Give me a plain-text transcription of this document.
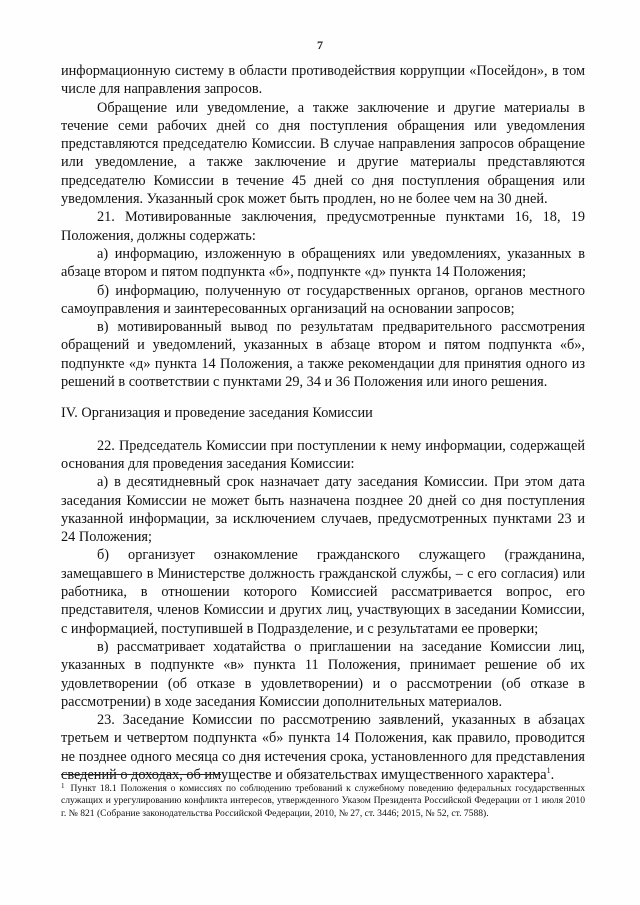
7

информационную систему в области противодействия коррупции «Посейдон», в том числе для направления запросов.

Обращение или уведомление, а также заключение и другие материалы в течение семи рабочих дней со дня поступления обращения или уведомления представляются председателю Комиссии. В случае направления запросов обращение или уведомление, а также заключение и другие материалы представляются председателю Комиссии в течение 45 дней со дня поступления обращения или уведомления. Указанный срок может быть продлен, но не более чем на 30 дней.

21. Мотивированные заключения, предусмотренные пунктами 16, 18, 19 Положения, должны содержать:

а) информацию, изложенную в обращениях или уведомлениях, указанных в абзаце втором и пятом подпункта «б», подпункте «д» пункта 14 Положения;

б) информацию, полученную от государственных органов, органов местного самоуправления и заинтересованных организаций на основании запросов;

в) мотивированный вывод по результатам предварительного рассмотрения обращений и уведомлений, указанных в абзаце втором и пятом подпункта «б», подпункте «д» пункта 14 Положения, а также рекомендации для принятия одного из решений в соответствии с пунктами 29, 34 и 36 Положения или иного решения.

IV. Организация и проведение заседания Комиссии

22. Председатель Комиссии при поступлении к нему информации, содержащей основания для проведения заседания Комиссии:

а) в десятидневный срок назначает дату заседания Комиссии. При этом дата заседания Комиссии не может быть назначена позднее 20 дней со дня поступления указанной информации, за исключением случаев, предусмотренных пунктами 23 и 24 Положения;

б) организует ознакомление гражданского служащего (гражданина, замещавшего в Министерстве должность гражданской службы, – с его согласия) или работника, в отношении которого Комиссией рассматривается вопрос, его представителя, членов Комиссии и других лиц, участвующих в заседании Комиссии, с информацией, поступившей в Подразделение, и с результатами ее проверки;

в) рассматривает ходатайства о приглашении на заседание Комиссии лиц, указанных в подпункте «в» пункта 11 Положения, принимает решение об их удовлетворении (об отказе в удовлетворении) и о рассмотрении (об отказе в рассмотрении) в ходе заседания Комиссии дополнительных материалов.

23. Заседание Комиссии по рассмотрению заявлений, указанных в абзацах третьем и четвертом подпункта «б» пункта 14 Положения, как правило, проводится не позднее одного месяца со дня истечения срока, установленного для представления сведений о доходах, об имуществе и обязательствах имущественного характера$^1$.

$^1$ Пункт 18.1 Положения о комиссиях по соблюдению требований к служебному поведению федеральных государственных служащих и урегулированию конфликта интересов, утвержденного Указом Президента Российской Федерации от 1 июля 2010 г. № 821 (Собрание законодательства Российской Федерации, 2010, № 27, ст. 3446; 2015, № 52, ст. 7588).
